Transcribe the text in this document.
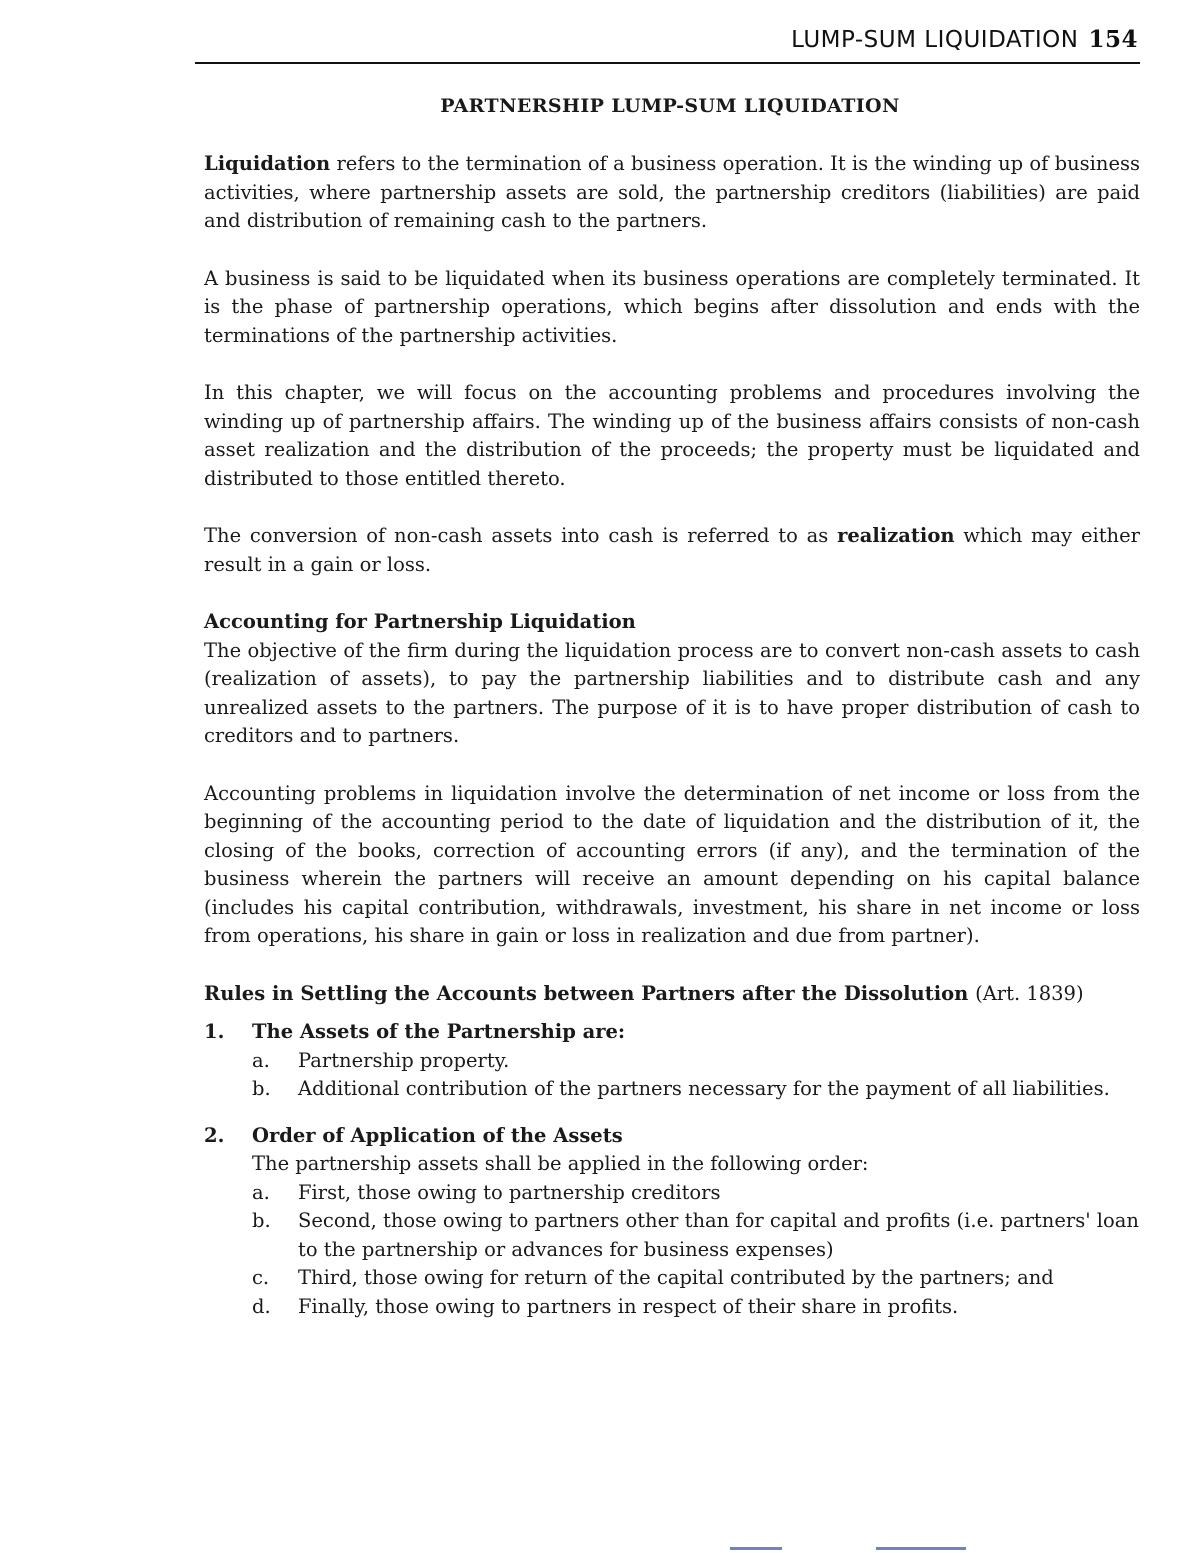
LUMP-SUM LIQUIDATION 154
PARTNERSHIP LUMP-SUM LIQUIDATION

Liquidation refers to the termination of a business operation. It is the winding up of business activities, where partnership assets are sold, the partnership creditors (liabilities) are paid and distribution of remaining cash to the partners.

A business is said to be liquidated when its business operations are completely terminated. It is the phase of partnership operations, which begins after dissolution and ends with the terminations of the partnership activities.

In this chapter, we will focus on the accounting problems and procedures involving the winding up of partnership affairs. The winding up of the business affairs consists of non-cash asset realization and the distribution of the proceeds; the property must be liquidated and distributed to those entitled thereto.

The conversion of non-cash assets into cash is referred to as realization which may either result in a gain or loss.

Accounting for Partnership Liquidation

The objective of the firm during the liquidation process are to convert non-cash assets to cash (realization of assets), to pay the partnership liabilities and to distribute cash and any unrealized assets to the partners. The purpose of it is to have proper distribution of cash to creditors and to partners.

Accounting problems in liquidation involve the determination of net income or loss from the beginning of the accounting period to the date of liquidation and the distribution of it, the closing of the books, correction of accounting errors (if any), and the termination of the business wherein the partners will receive an amount depending on his capital balance (includes his capital contribution, withdrawals, investment, his share in net income or loss from operations, his share in gain or loss in realization and due from partner).

Rules in Settling the Accounts between Partners after the Dissolution (Art. 1839)
1. The Assets of the Partnership are:
a. Partnership property.
b. Additional contribution of the partners necessary for the payment of all liabilities.
2. Order of Application of the Assets
The partnership assets shall be applied in the following order:
a. First, those owing to partnership creditors
b. Second, those owing to partners other than for capital and profits (i.e. partners' loan to the partnership or advances for business expenses)
c. Third, those owing for return of the capital contributed by the partners; and
d. Finally, those owing to partners in respect of their share in profits.
